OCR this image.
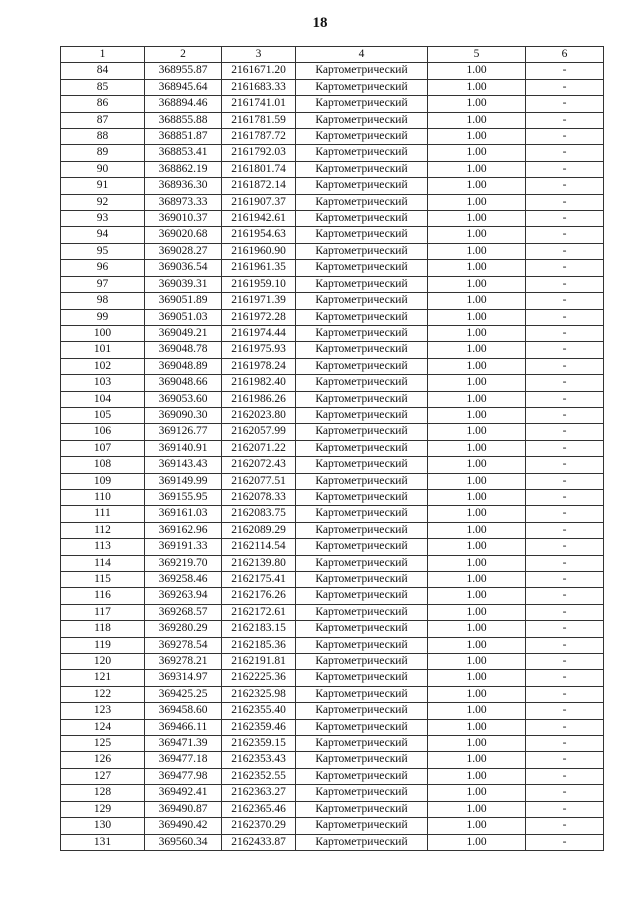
18
1	2	3	4	5	6
84	368955.87	2161671.20	Картометрический	1.00	-
85	368945.64	2161683.33	Картометрический	1.00	-
86	368894.46	2161741.01	Картометрический	1.00	-
87	368855.88	2161781.59	Картометрический	1.00	-
88	368851.87	2161787.72	Картометрический	1.00	-
89	368853.41	2161792.03	Картометрический	1.00	-
90	368862.19	2161801.74	Картометрический	1.00	-
91	368936.30	2161872.14	Картометрический	1.00	-
92	368973.33	2161907.37	Картометрический	1.00	-
93	369010.37	2161942.61	Картометрический	1.00	-
94	369020.68	2161954.63	Картометрический	1.00	-
95	369028.27	2161960.90	Картометрический	1.00	-
96	369036.54	2161961.35	Картометрический	1.00	-
97	369039.31	2161959.10	Картометрический	1.00	-
98	369051.89	2161971.39	Картометрический	1.00	-
99	369051.03	2161972.28	Картометрический	1.00	-
100	369049.21	2161974.44	Картометрический	1.00	-
101	369048.78	2161975.93	Картометрический	1.00	-
102	369048.89	2161978.24	Картометрический	1.00	-
103	369048.66	2161982.40	Картометрический	1.00	-
104	369053.60	2161986.26	Картометрический	1.00	-
105	369090.30	2162023.80	Картометрический	1.00	-
106	369126.77	2162057.99	Картометрический	1.00	-
107	369140.91	2162071.22	Картометрический	1.00	-
108	369143.43	2162072.43	Картометрический	1.00	-
109	369149.99	2162077.51	Картометрический	1.00	-
110	369155.95	2162078.33	Картометрический	1.00	-
111	369161.03	2162083.75	Картометрический	1.00	-
112	369162.96	2162089.29	Картометрический	1.00	-
113	369191.33	2162114.54	Картометрический	1.00	-
114	369219.70	2162139.80	Картометрический	1.00	-
115	369258.46	2162175.41	Картометрический	1.00	-
116	369263.94	2162176.26	Картометрический	1.00	-
117	369268.57	2162172.61	Картометрический	1.00	-
118	369280.29	2162183.15	Картометрический	1.00	-
119	369278.54	2162185.36	Картометрический	1.00	-
120	369278.21	2162191.81	Картометрический	1.00	-
121	369314.97	2162225.36	Картометрический	1.00	-
122	369425.25	2162325.98	Картометрический	1.00	-
123	369458.60	2162355.40	Картометрический	1.00	-
124	369466.11	2162359.46	Картометрический	1.00	-
125	369471.39	2162359.15	Картометрический	1.00	-
126	369477.18	2162353.43	Картометрический	1.00	-
127	369477.98	2162352.55	Картометрический	1.00	-
128	369492.41	2162363.27	Картометрический	1.00	-
129	369490.87	2162365.46	Картометрический	1.00	-
130	369490.42	2162370.29	Картометрический	1.00	-
131	369560.34	2162433.87	Картометрический	1.00	-
